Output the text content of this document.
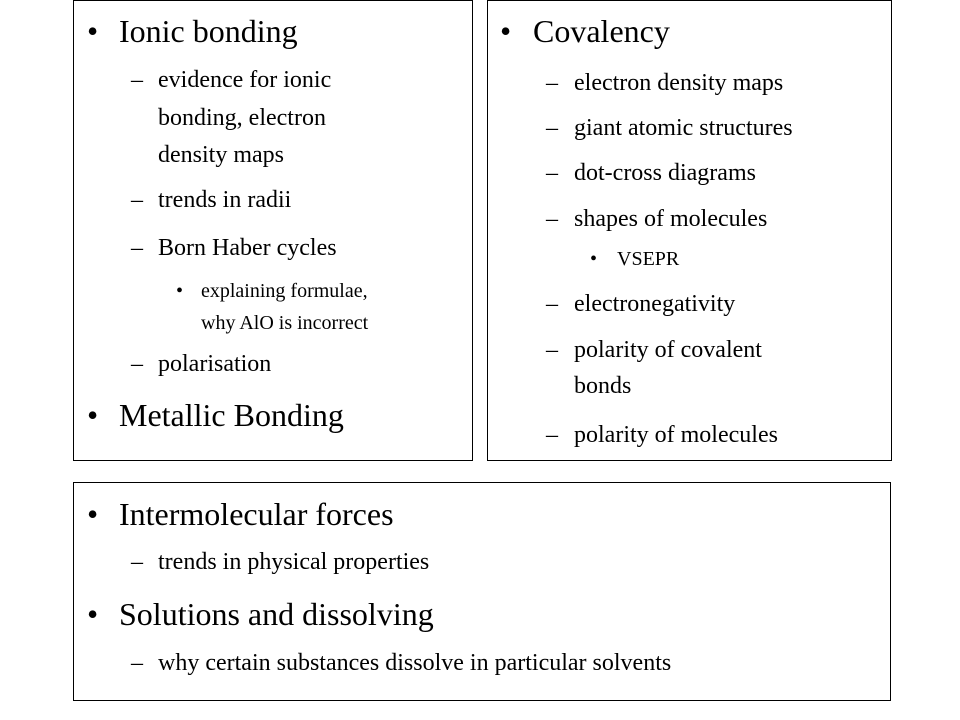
• Ionic bonding
– evidence for ionic
bonding, electron
density maps
– trends in radii
– Born Haber cycles
• explaining formulae,
why AlO is incorrect
– polarisation
• Metallic Bonding
• Covalency
– electron density maps
– giant atomic structures
– dot-cross diagrams
– shapes of molecules
• VSEPR
– electronegativity
– polarity of covalent
bonds
– polarity of molecules
• Intermolecular forces
– trends in physical properties
• Solutions and dissolving
– why certain substances dissolve in particular solvents
